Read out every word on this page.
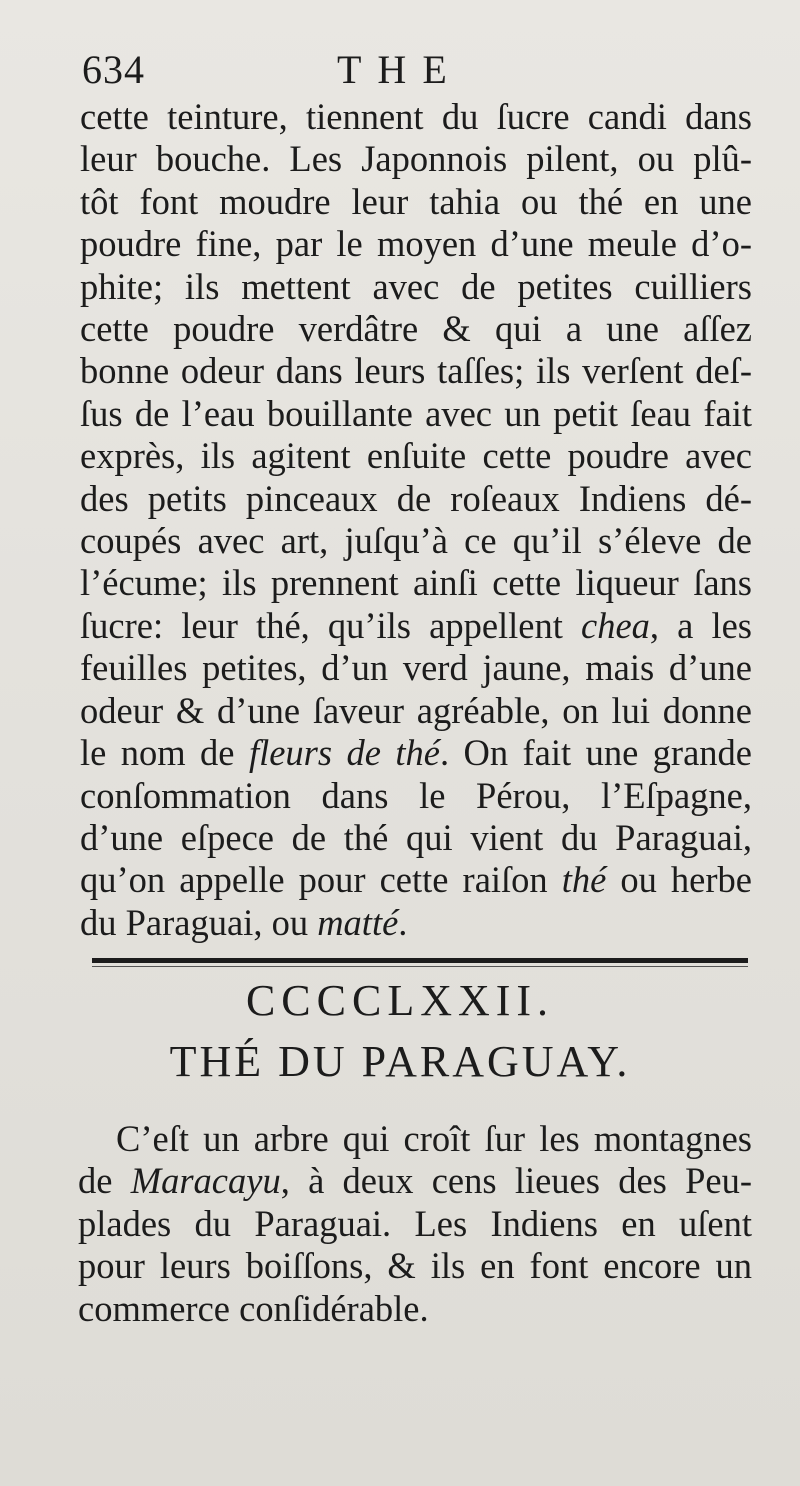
634	THE
cette teinture, tiennent du ſucre candi dans
leur bouche. Les Japonnois pilent, ou plû-
tôt font moudre leur tahia ou thé en une
poudre fine, par le moyen d’une meule d’o-
phite; ils mettent avec de petites cuilliers
cette poudre verdâtre & qui a une aſſez
bonne odeur dans leurs taſſes; ils verſent deſ-
ſus de l’eau bouillante avec un petit ſeau fait
exprès, ils agitent enſuite cette poudre avec
des petits pinceaux de roſeaux Indiens dé-
coupés avec art, juſqu’à ce qu’il s’éleve de
l’écume; ils prennent ainſi cette liqueur ſans
ſucre: leur thé, qu’ils appellent chea, a les
feuilles petites, d’un verd jaune, mais d’une
odeur & d’une ſaveur agréable, on lui donne
le nom de fleurs de thé. On fait une grande
conſommation dans le Pérou, l’Eſpagne,
d’une eſpece de thé qui vient du Paraguai,
qu’on appelle pour cette raiſon thé ou herbe
du Paraguai, ou matté.
CCCCLXXII.
THÉ DU PARAGUAY.
C’eſt un arbre qui croît ſur les montagnes
de Maracayu, à deux cens lieues des Peu-
plades du Paraguai. Les Indiens en uſent
pour leurs boiſſons, & ils en font encore un
commerce conſidérable.
